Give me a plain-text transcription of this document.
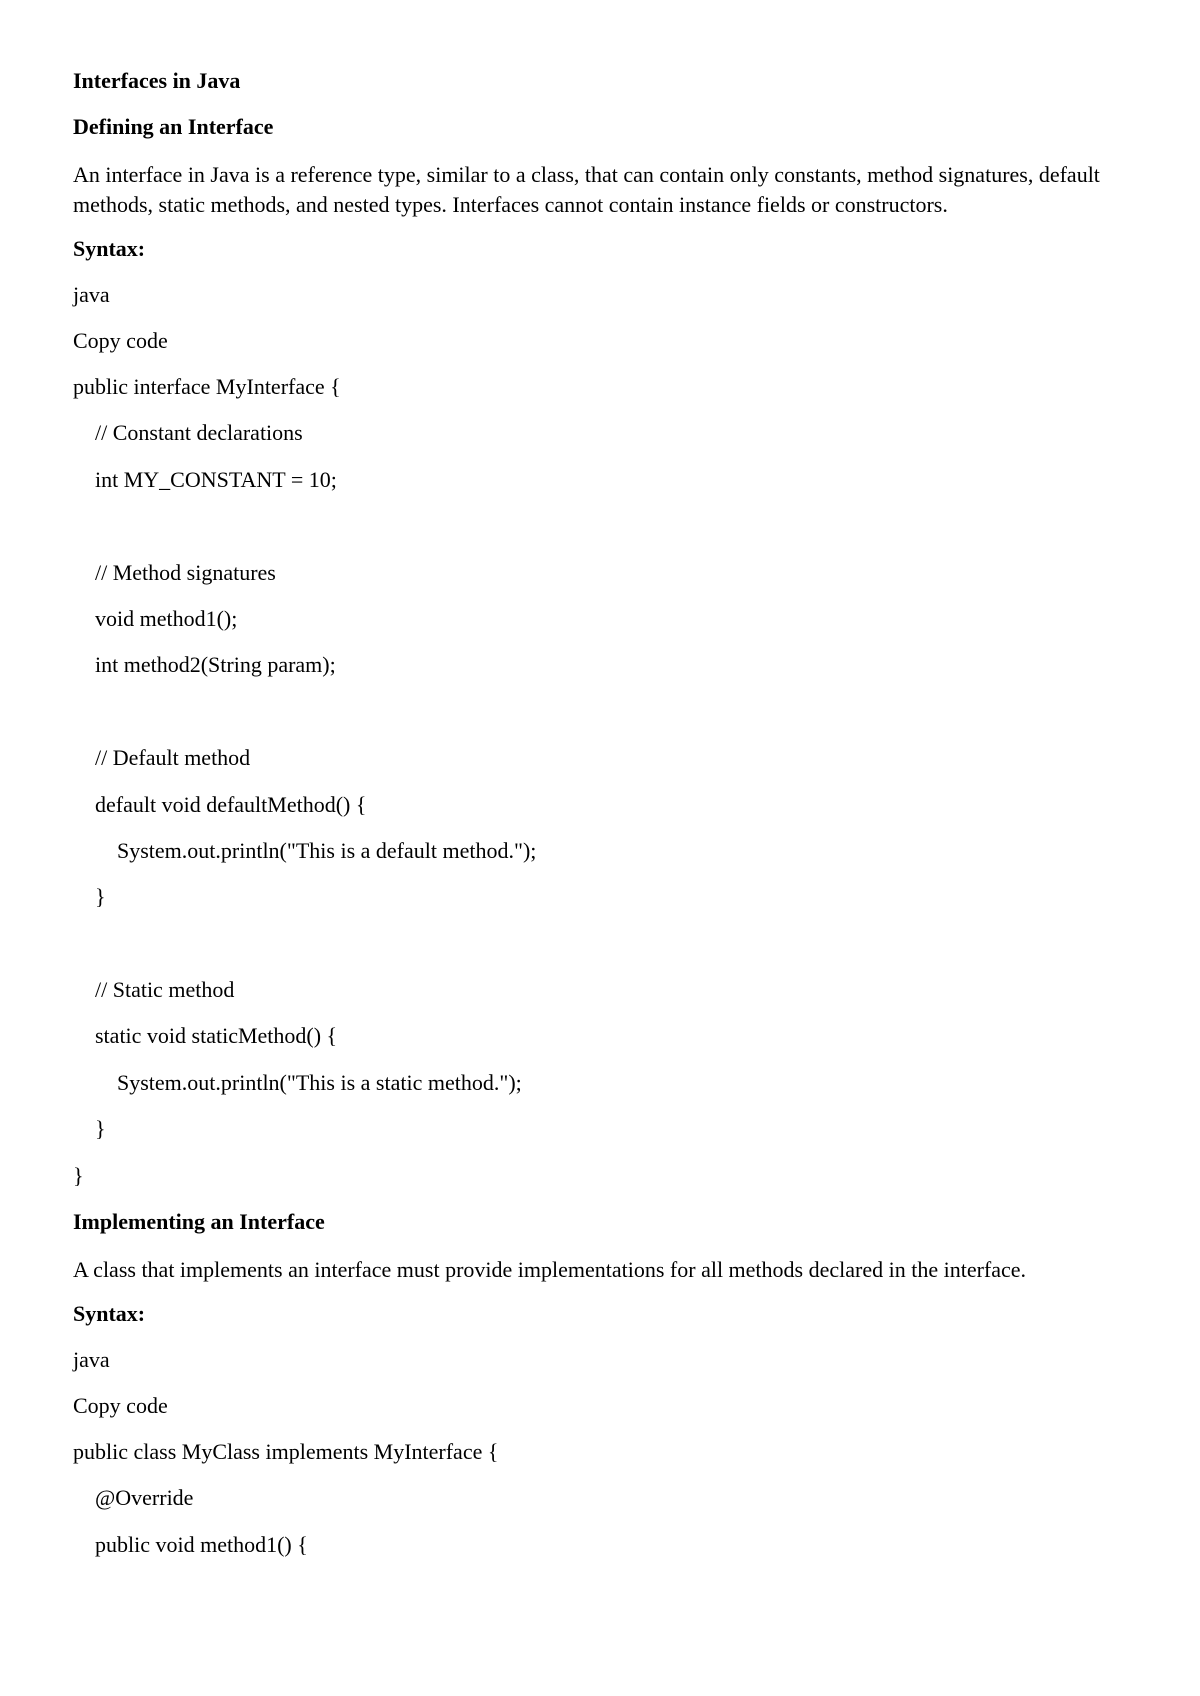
Interfaces in Java
Defining an Interface
An interface in Java is a reference type, similar to a class, that can contain only constants, method signatures, default methods, static methods, and nested types. Interfaces cannot contain instance fields or constructors.
Syntax:
java
Copy code
public interface MyInterface {
// Constant declarations
int MY_CONSTANT = 10;
// Method signatures
void method1();
int method2(String param);
// Default method
default void defaultMethod() {
System.out.println("This is a default method.");
}
// Static method
static void staticMethod() {
System.out.println("This is a static method.");
}
}
Implementing an Interface
A class that implements an interface must provide implementations for all methods declared in the interface.
Syntax:
java
Copy code
public class MyClass implements MyInterface {
@Override
public void method1() {
